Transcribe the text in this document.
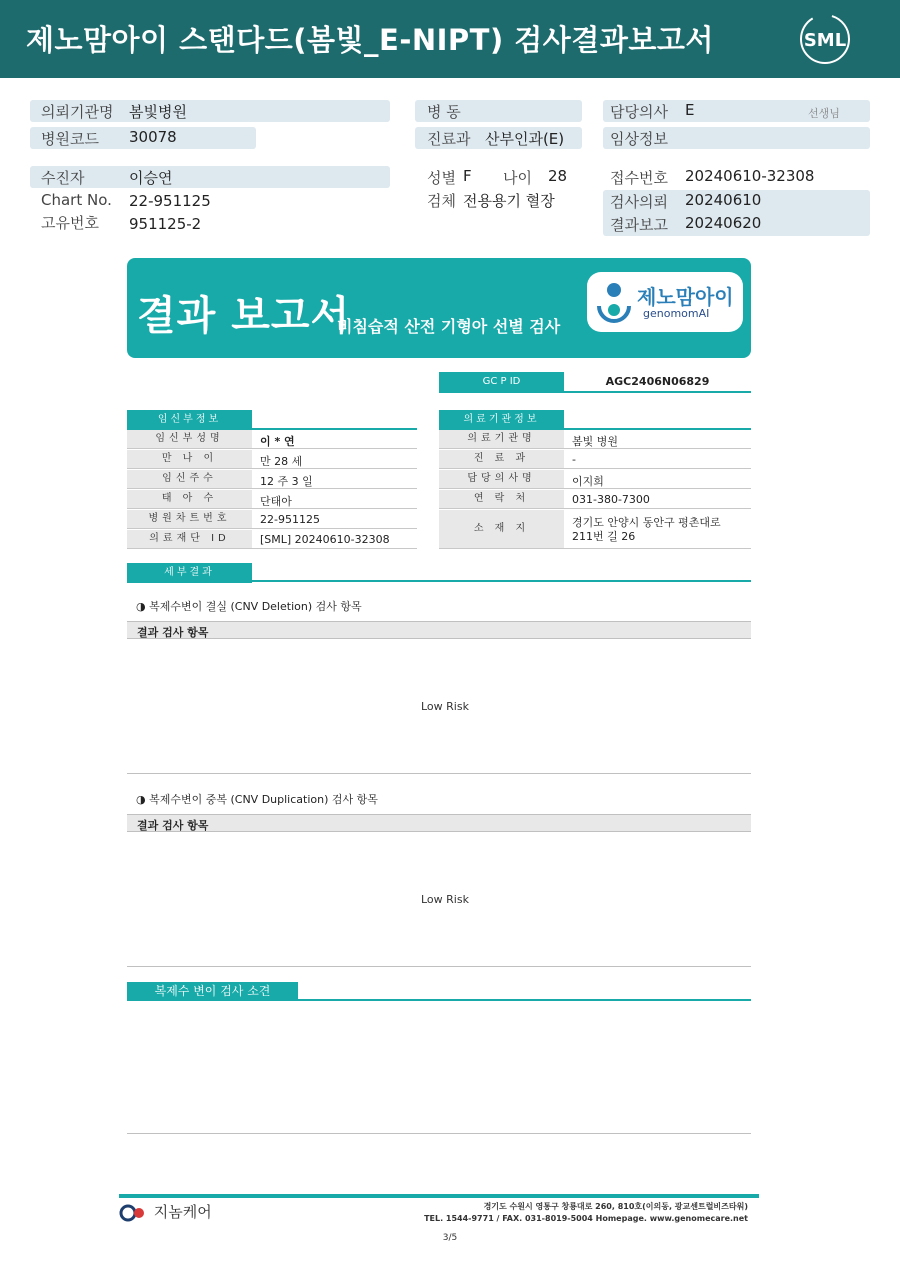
제노맘아이 스탠다드(봄빛_E-NIPT) 검사결과보고서	SML
의뢰기관명 봄빛병원
병원코드 30078
병 동
진료과 산부인과(E)
담당의사 E	선생님
임상정보
수진자	이승연
Chart No. 22-951125
고유번호 951125-2
성별 F 나이 28
검체 전용용기 혈장
접수번호 20240610-32308
검사의뢰 20240610
결과보고 20240620
결과 보고서
비침습적 산전 기형아 선별 검사
제노맘아이
genomomAI
GC P ID	AGC2406N06829
임신부정보
임신부성명	이 * 연
만 나 이	만 28 세
임신주수	12 주 3 일
태 아 수	단태아
병원차트번호	22-951125
의료재단 ID	[SML] 20240610-32308
의료기관정보
의료기관명	봄빛 병원
진 료 과	-
담당의사명	이지희
연 락 처	031-380-7300
소 재 지	경기도 안양시 동안구 평촌대로 211번 길 26
세부결과
◑ 복제수변이 결실 (CNV Deletion) 검사 항목
결과 검사 항목
Low Risk
◑ 복제수변이 중복 (CNV Duplication) 검사 항목
결과 검사 항목
Low Risk
복제수 변이 검사 소견
지놈케어	경기도 수원시 영통구 창룡대로 260, 810호(이의동, 광교센트럴비즈타워)
TEL. 1544-9771 / FAX. 031-8019-5004 Homepage. www.genomecare.net
3/5
